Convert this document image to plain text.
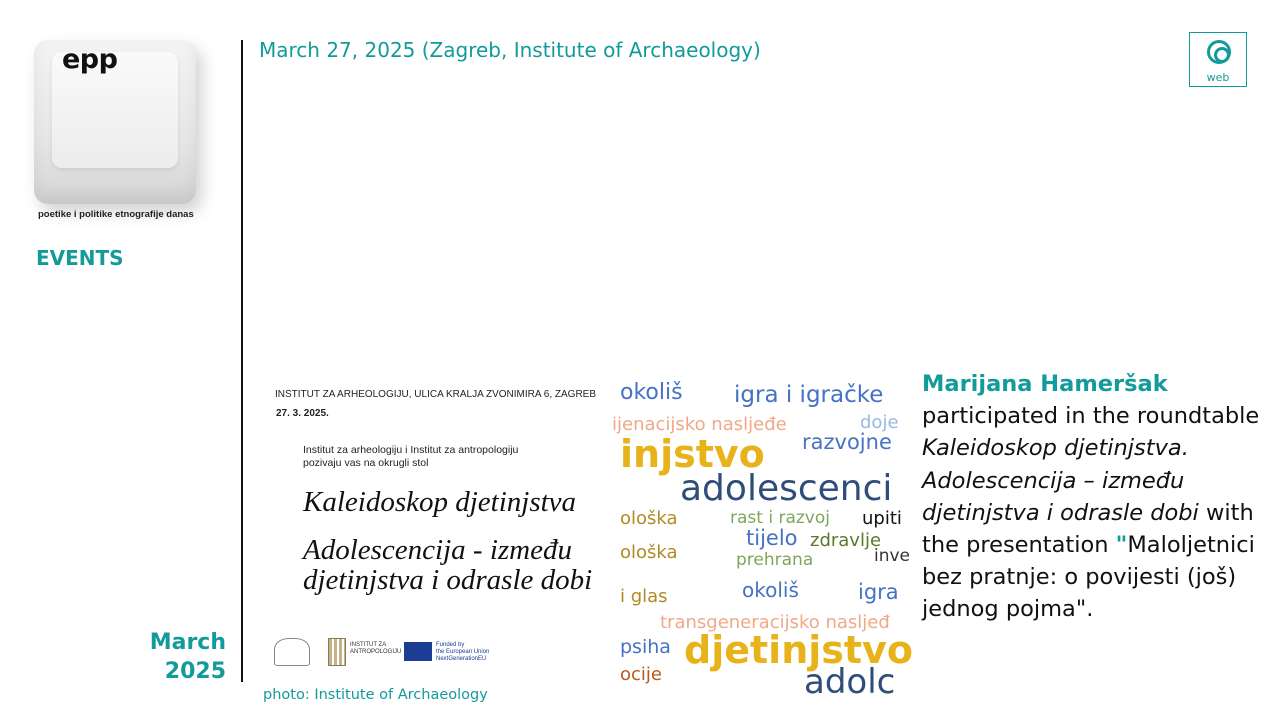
epp
poetike i politike etnografije danas
EVENTS
March
2025
March 27, 2025 (Zagreb, Institute of Archaeology)
web
INSTITUT ZA ARHEOLOGIJU, ULICA KRALJA ZVONIMIRA 6, ZAGREB
27. 3. 2025.
Institut za arheologiju i Institut za antropologiju
pozivaju vas na okrugli stol
Kaleidoskop djetinjstva
Adolescencija - između
djetinjstva i odrasle dobi
INSTITUT ZA
ANTROPOLOGIJU
Funded by
the European Union
NextGenerationEU
okoliš igra i igračke
ijenacijsko nasljeđe	doje
razvojne
injstvo
adolescenci
ološka	rast i razvoj upiti
tijelo zdravlje
ološka	prehrana	inve
okoliš	igra
i glas
transgeneracijsko nasljeđ
psiha djetinjstvo
ocije	adolc
Marijana Hameršak
participated in the roundtable Kaleidoskop djetinjstva. Adolescencija – između djetinjstva i odrasle dobi with the presentation "Maloljetnici bez pratnje: o povijesti (još) jednog pojma".
photo: Institute of Archaeology
